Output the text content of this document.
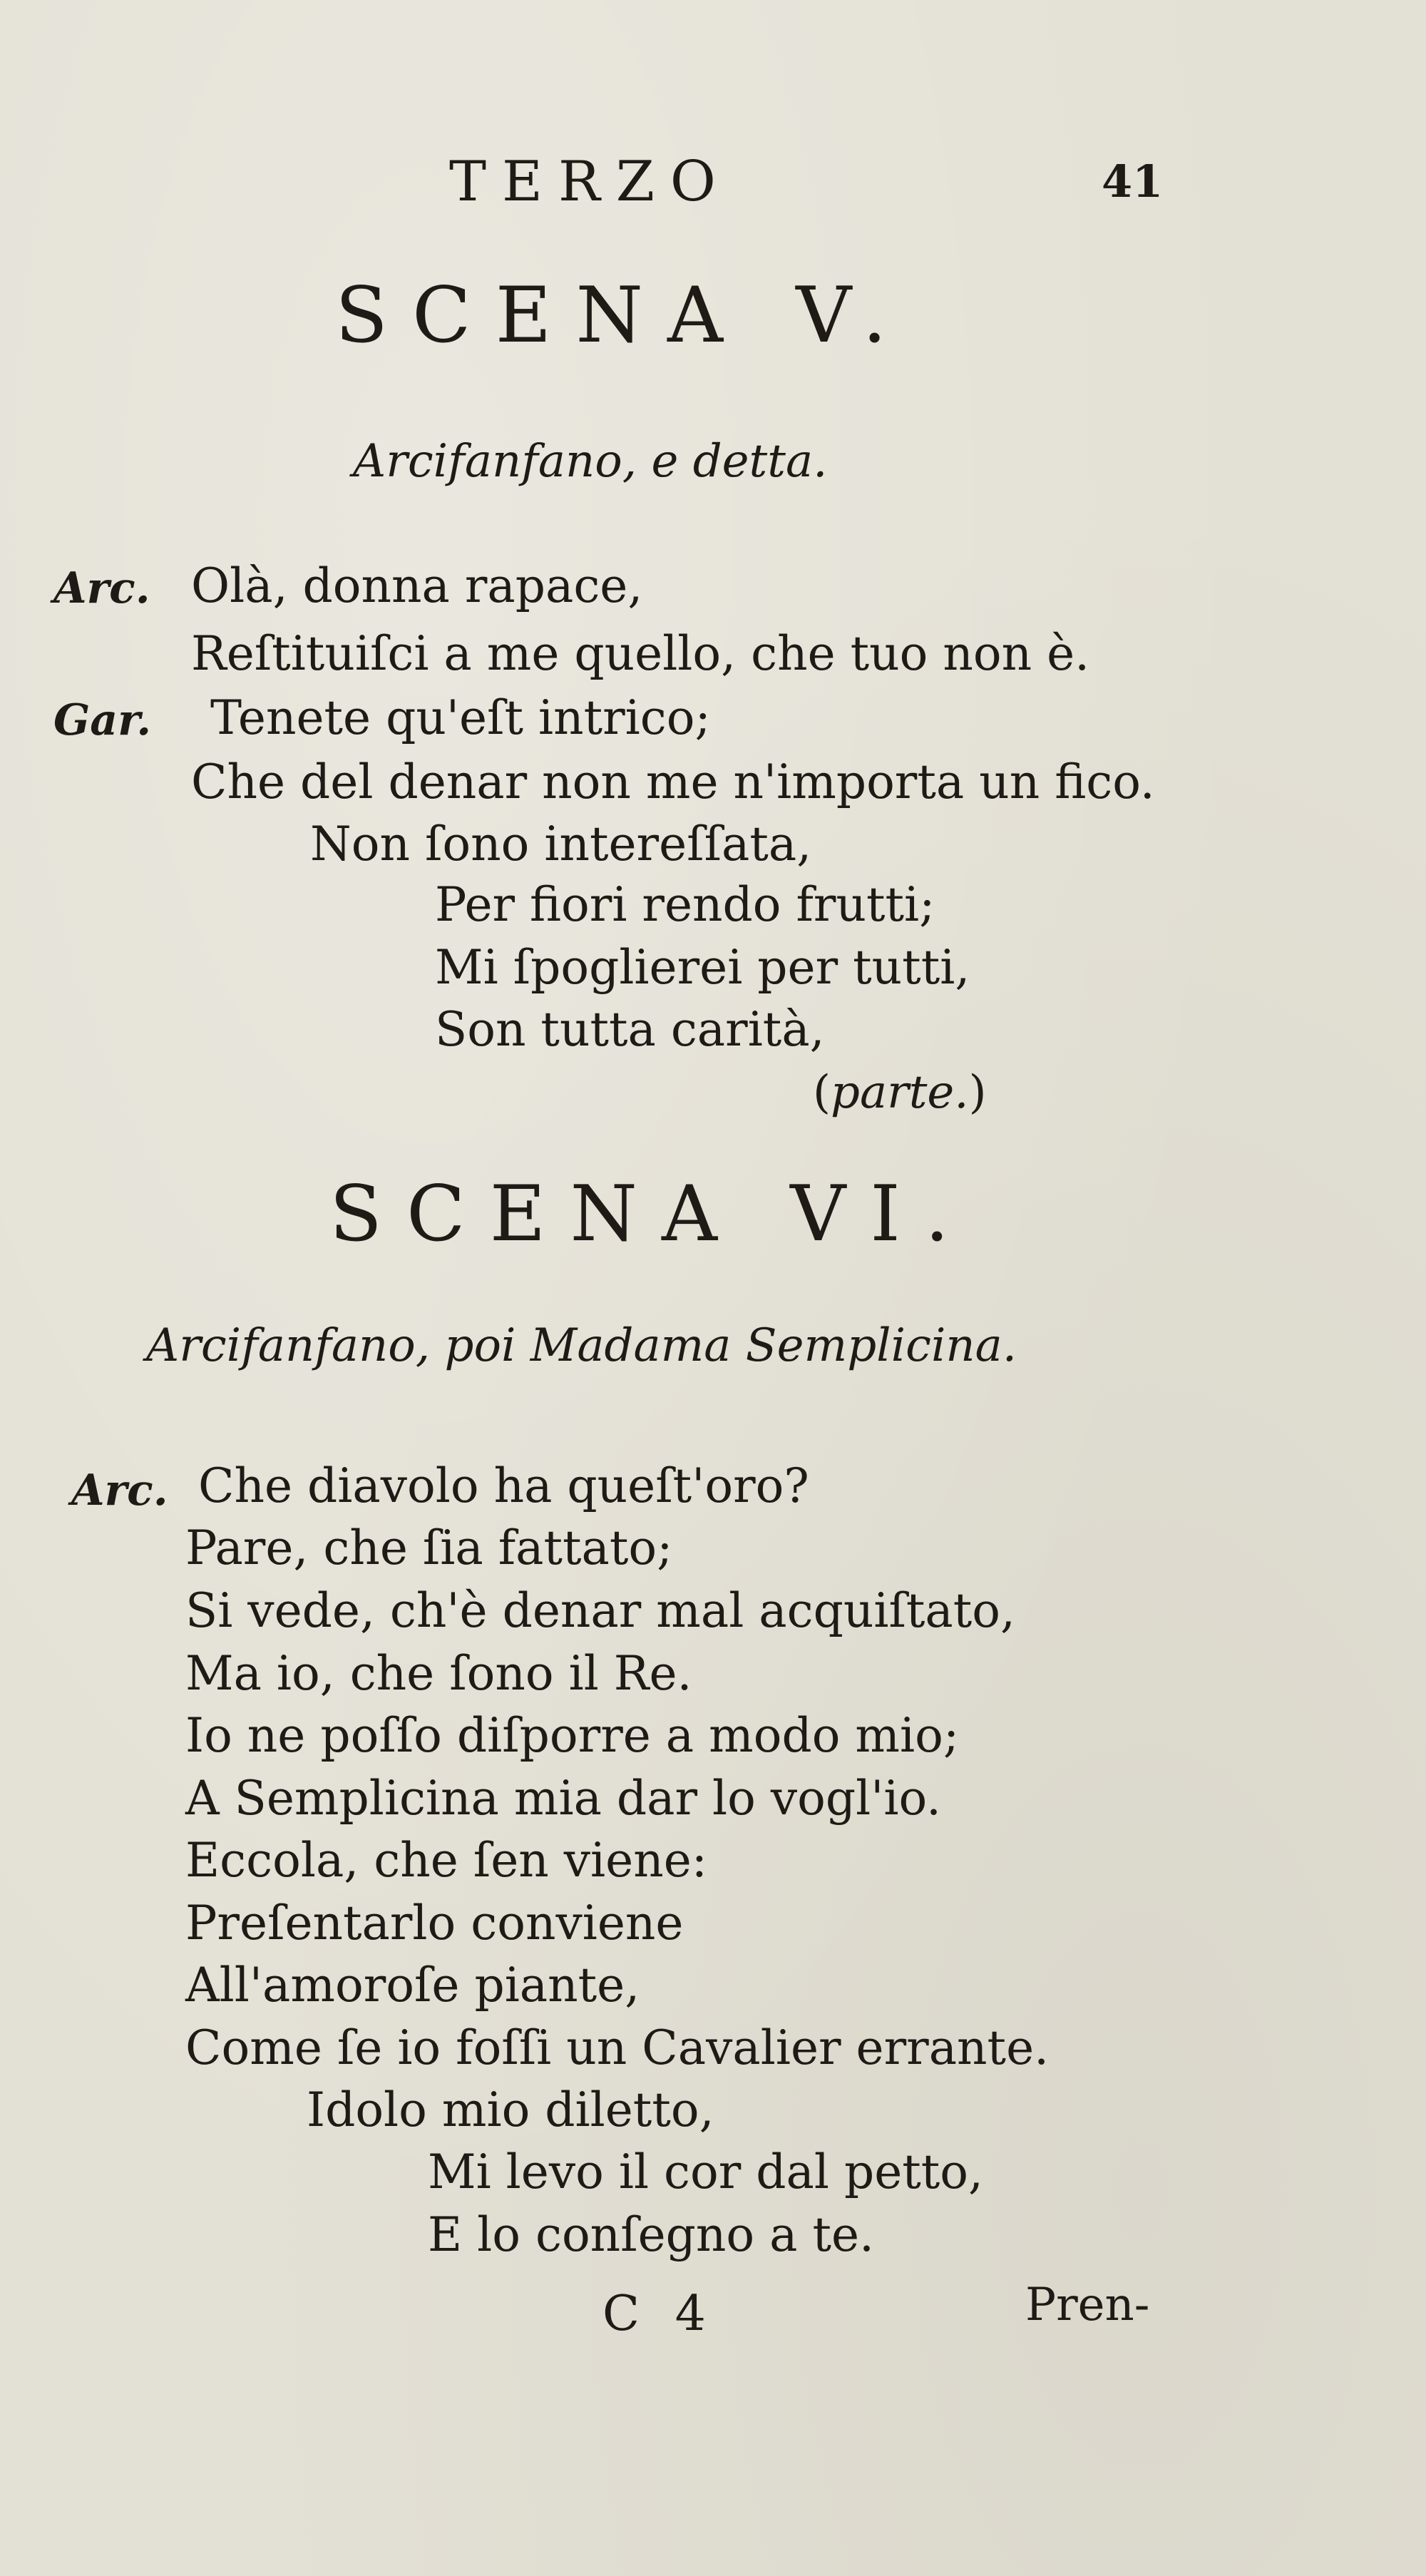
TERZO	41
SCENA V.
Arcifanfano, e detta.
Arc. Olà, donna rapace,
Reſtituiſci a me quello, che tuo non è.
Gar. Tenete qu'eſt intrico;
Che del denar non me n'importa un fico.
Non ſono intereſſata,
Per fiori rendo frutti;
Mi ſpoglierei per tutti,
Son tutta carità,
(parte.)
SCENA VI.
Arcifanfano, poi Madama Semplicina.
Arc. Che diavolo ha queſt'oro?
Pare, che ſia fattato;
Si vede, ch'è denar mal acquiſtato,
Ma io, che ſono il Re.
Io ne poſſo diſporre a modo mio;
A Semplicina mia dar lo vogl'io.
Eccola, che ſen viene:
Preſentarlo conviene
All'amoroſe piante,
Come ſe io foſſi un Cavalier errante.
Idolo mio diletto,
Mi levo il cor dal petto,
E lo conſegno a te.
C 4	Pren-
